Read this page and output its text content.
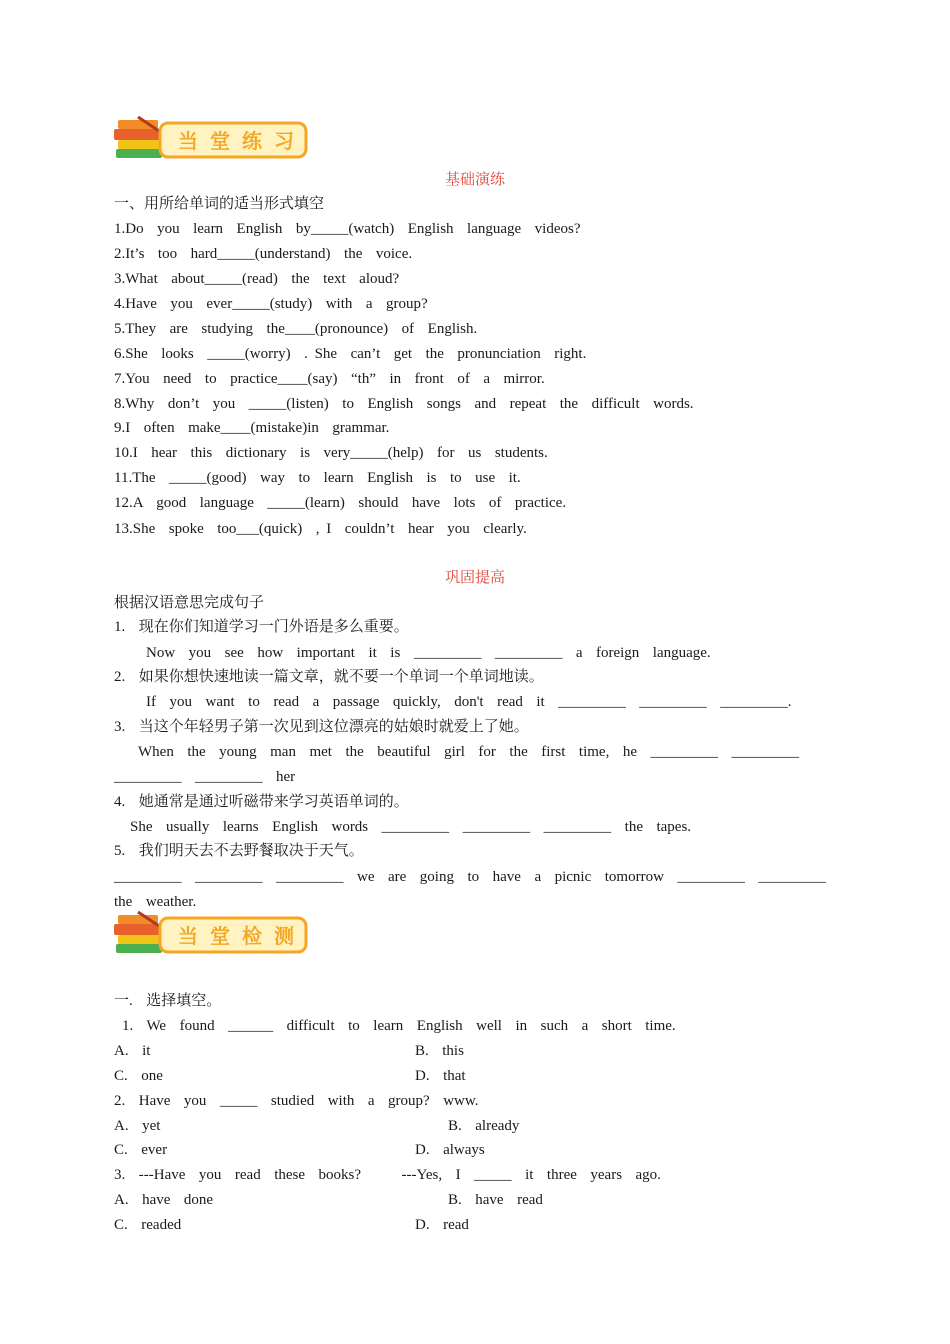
当 堂 练 习
基础演练
一、用所给单词的适当形式填空
1.Do  you  learn  English  by_____(watch)  English  language  videos?
2.It’s  too  hard_____(understand)  the  voice.
3.What  about_____(read)  the  text  aloud?
4.Have  you  ever_____(study)  with  a  group?
5.They  are  studying  the____(pronounce)  of  English.
6.She  looks  _____(worry)  . She  can’t  get  the  pronunciation  right.
7.You  need  to  practice____(say)  “th”  in  front  of  a  mirror.
8.Why  don’t  you  _____(listen)  to  English  songs  and  repeat  the  difficult  words.
9.I  often  make____(mistake)in  grammar.
10.I  hear  this  dictionary  is  very_____(help)  for  us  students.
11.The  _____(good)  way  to  learn  English  is  to  use  it.
12.A  good  language  _____(learn)  should  have  lots  of  practice.
13.She  spoke  too___(quick)  , I  couldn’t  hear  you  clearly.
巩固提高
根据汉语意思完成句子
1.  现在你们知道学习一门外语是多么重要。
Now  you  see  how  important  it  is  _________  _________  a  foreign  language.
2.  如果你想快速地读一篇文章，就不要一个单词一个单词地读。
If  you  want  to  read  a  passage  quickly,  don't  read  it  _________  _________  _________.
3.  当这个年轻男子第一次见到这位漂亮的姑娘时就爱上了她。
When  the  young  man  met  the  beautiful  girl  for  the  first  time,  he  _________  _________
_________  _________  her
4.  她通常是通过听磁带来学习英语单词的。
She  usually  learns  English  words  _________  _________  _________  the  tapes.
5.  我们明天去不去野餐取决于天气。
_________  _________  _________  we  are  going  to  have  a  picnic  tomorrow  _________  _________
the  weather.
当 堂 检 测
一.  选择填空。
1.  We  found  ______  difficult  to  learn  English  well  in  such  a  short  time.
A.  it	B.  this
C.  one	D.  that
2.  Have  you  _____  studied  with  a  group?  www.
A.  yet	B.  already
C.  ever	D.  always
3.  ---Have  you  read  these  books?      ---Yes,  I  _____  it  three  years  ago.
A.  have  done	B.  have  read
C.  readed	D.  read
